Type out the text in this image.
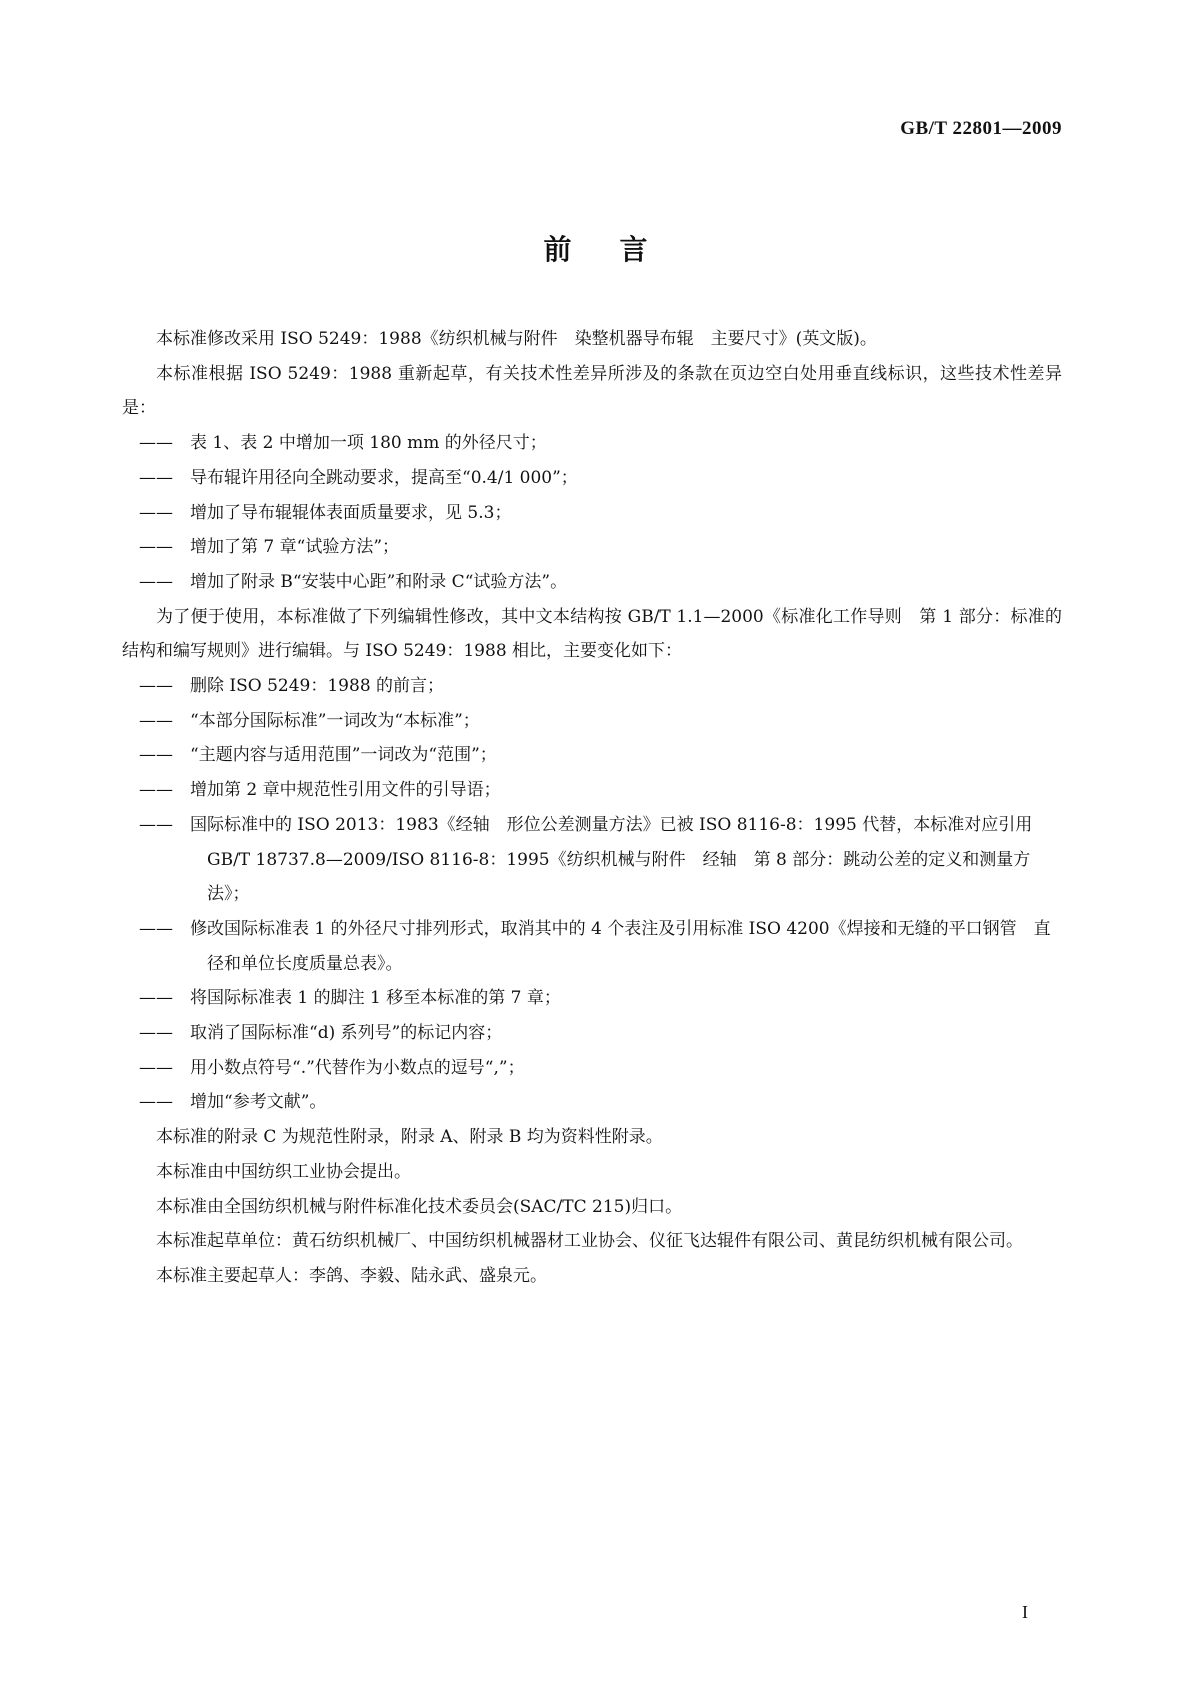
GB/T 22801—2009
前言

本标准修改采用 ISO 5249：1988《纺织机械与附件　染整机器导布辊　主要尺寸》(英文版)。

本标准根据 ISO 5249：1988 重新起草，有关技术性差异所涉及的条款在页边空白处用垂直线标识，这些技术性差异是：

——	表 1、表 2 中增加一项 180 mm 的外径尺寸；

——	导布辊许用径向全跳动要求，提高至“0.4/1 000”；

——	增加了导布辊辊体表面质量要求，见 5.3；

——	增加了第 7 章“试验方法”；

——	增加了附录 B“安装中心距”和附录 C“试验方法”。

为了便于使用，本标准做了下列编辑性修改，其中文本结构按 GB/T 1.1—2000《标准化工作导则　第 1 部分：标准的结构和编写规则》进行编辑。与 ISO 5249：1988 相比，主要变化如下：

——	删除 ISO 5249：1988 的前言；

——	“本部分国际标准”一词改为“本标准”；

——	“主题内容与适用范围”一词改为“范围”；

——	增加第 2 章中规范性引用文件的引导语；

——	国际标准中的 ISO 2013：1983《经轴　形位公差测量方法》已被 ISO 8116-8：1995 代替，本标准对应引用 GB/T 18737.8—2009/ISO 8116-8：1995《纺织机械与附件　经轴　第 8 部分：跳动公差的定义和测量方法》；

——	修改国际标准表 1 的外径尺寸排列形式，取消其中的 4 个表注及引用标准 ISO 4200《焊接和无缝的平口钢管　直径和单位长度质量总表》。

——	将国际标准表 1 的脚注 1 移至本标准的第 7 章；

——	取消了国际标准“d) 系列号”的标记内容；

——	用小数点符号“.”代替作为小数点的逗号“,”；

——	增加“参考文献”。

本标准的附录 C 为规范性附录，附录 A、附录 B 均为资料性附录。

本标准由中国纺织工业协会提出。

本标准由全国纺织机械与附件标准化技术委员会(SAC/TC 215)归口。

本标准起草单位：黄石纺织机械厂、中国纺织机械器材工业协会、仪征飞达辊件有限公司、黄昆纺织机械有限公司。

本标准主要起草人：李鸽、李毅、陆永武、盛泉元。

I
